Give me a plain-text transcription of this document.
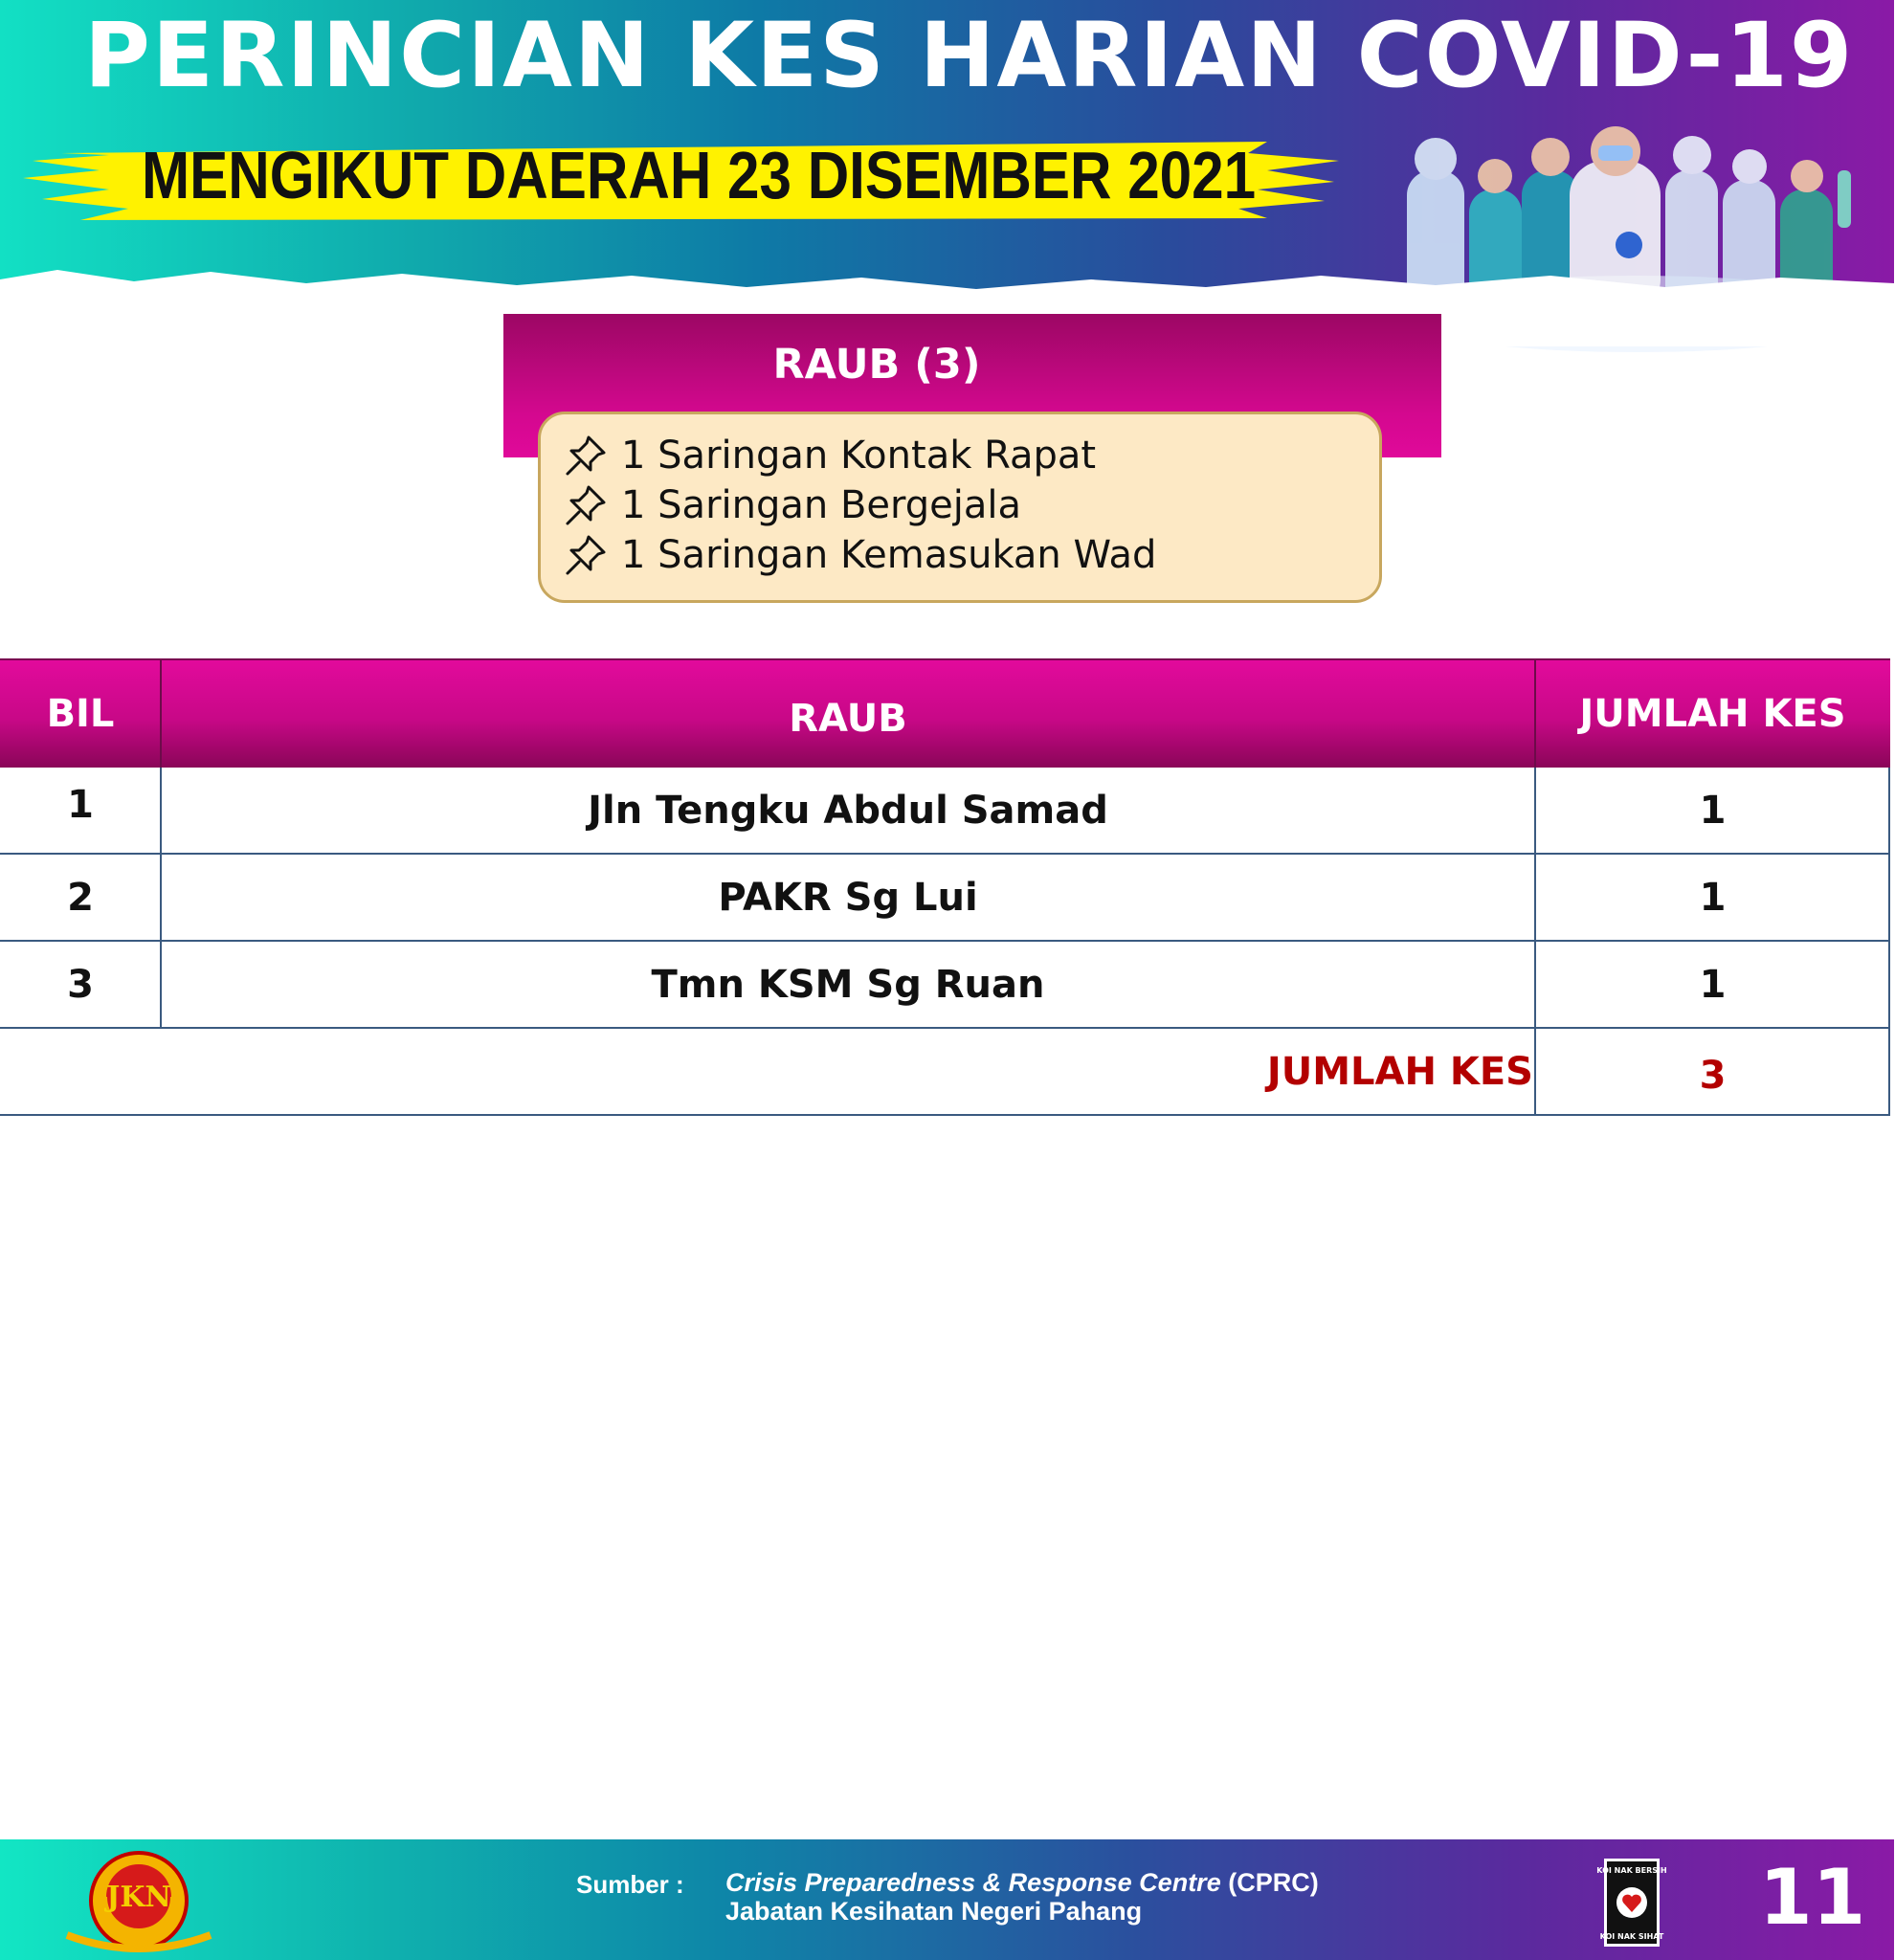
PERINCIAN KES HARIAN COVID-19
MENGIKUT DAERAH 23 DISEMBER 2021
RAUB (3)
1 Saringan Kontak Rapat
1 Saringan Bergejala
1 Saringan Kemasukan Wad
BIL	RAUB	JUMLAH KES
1	Jln Tengku Abdul Samad	1
2	PAKR Sg Lui	1
3	Tmn KSM Sg Ruan	1
JUMLAH KES	3
JKN	Sumber : Crisis Preparedness & Response Centre (CPRC)
Jabatan Kesihatan Negeri Pahang
KOI NAK BERSIH
KOI NAK SIHAT 11
